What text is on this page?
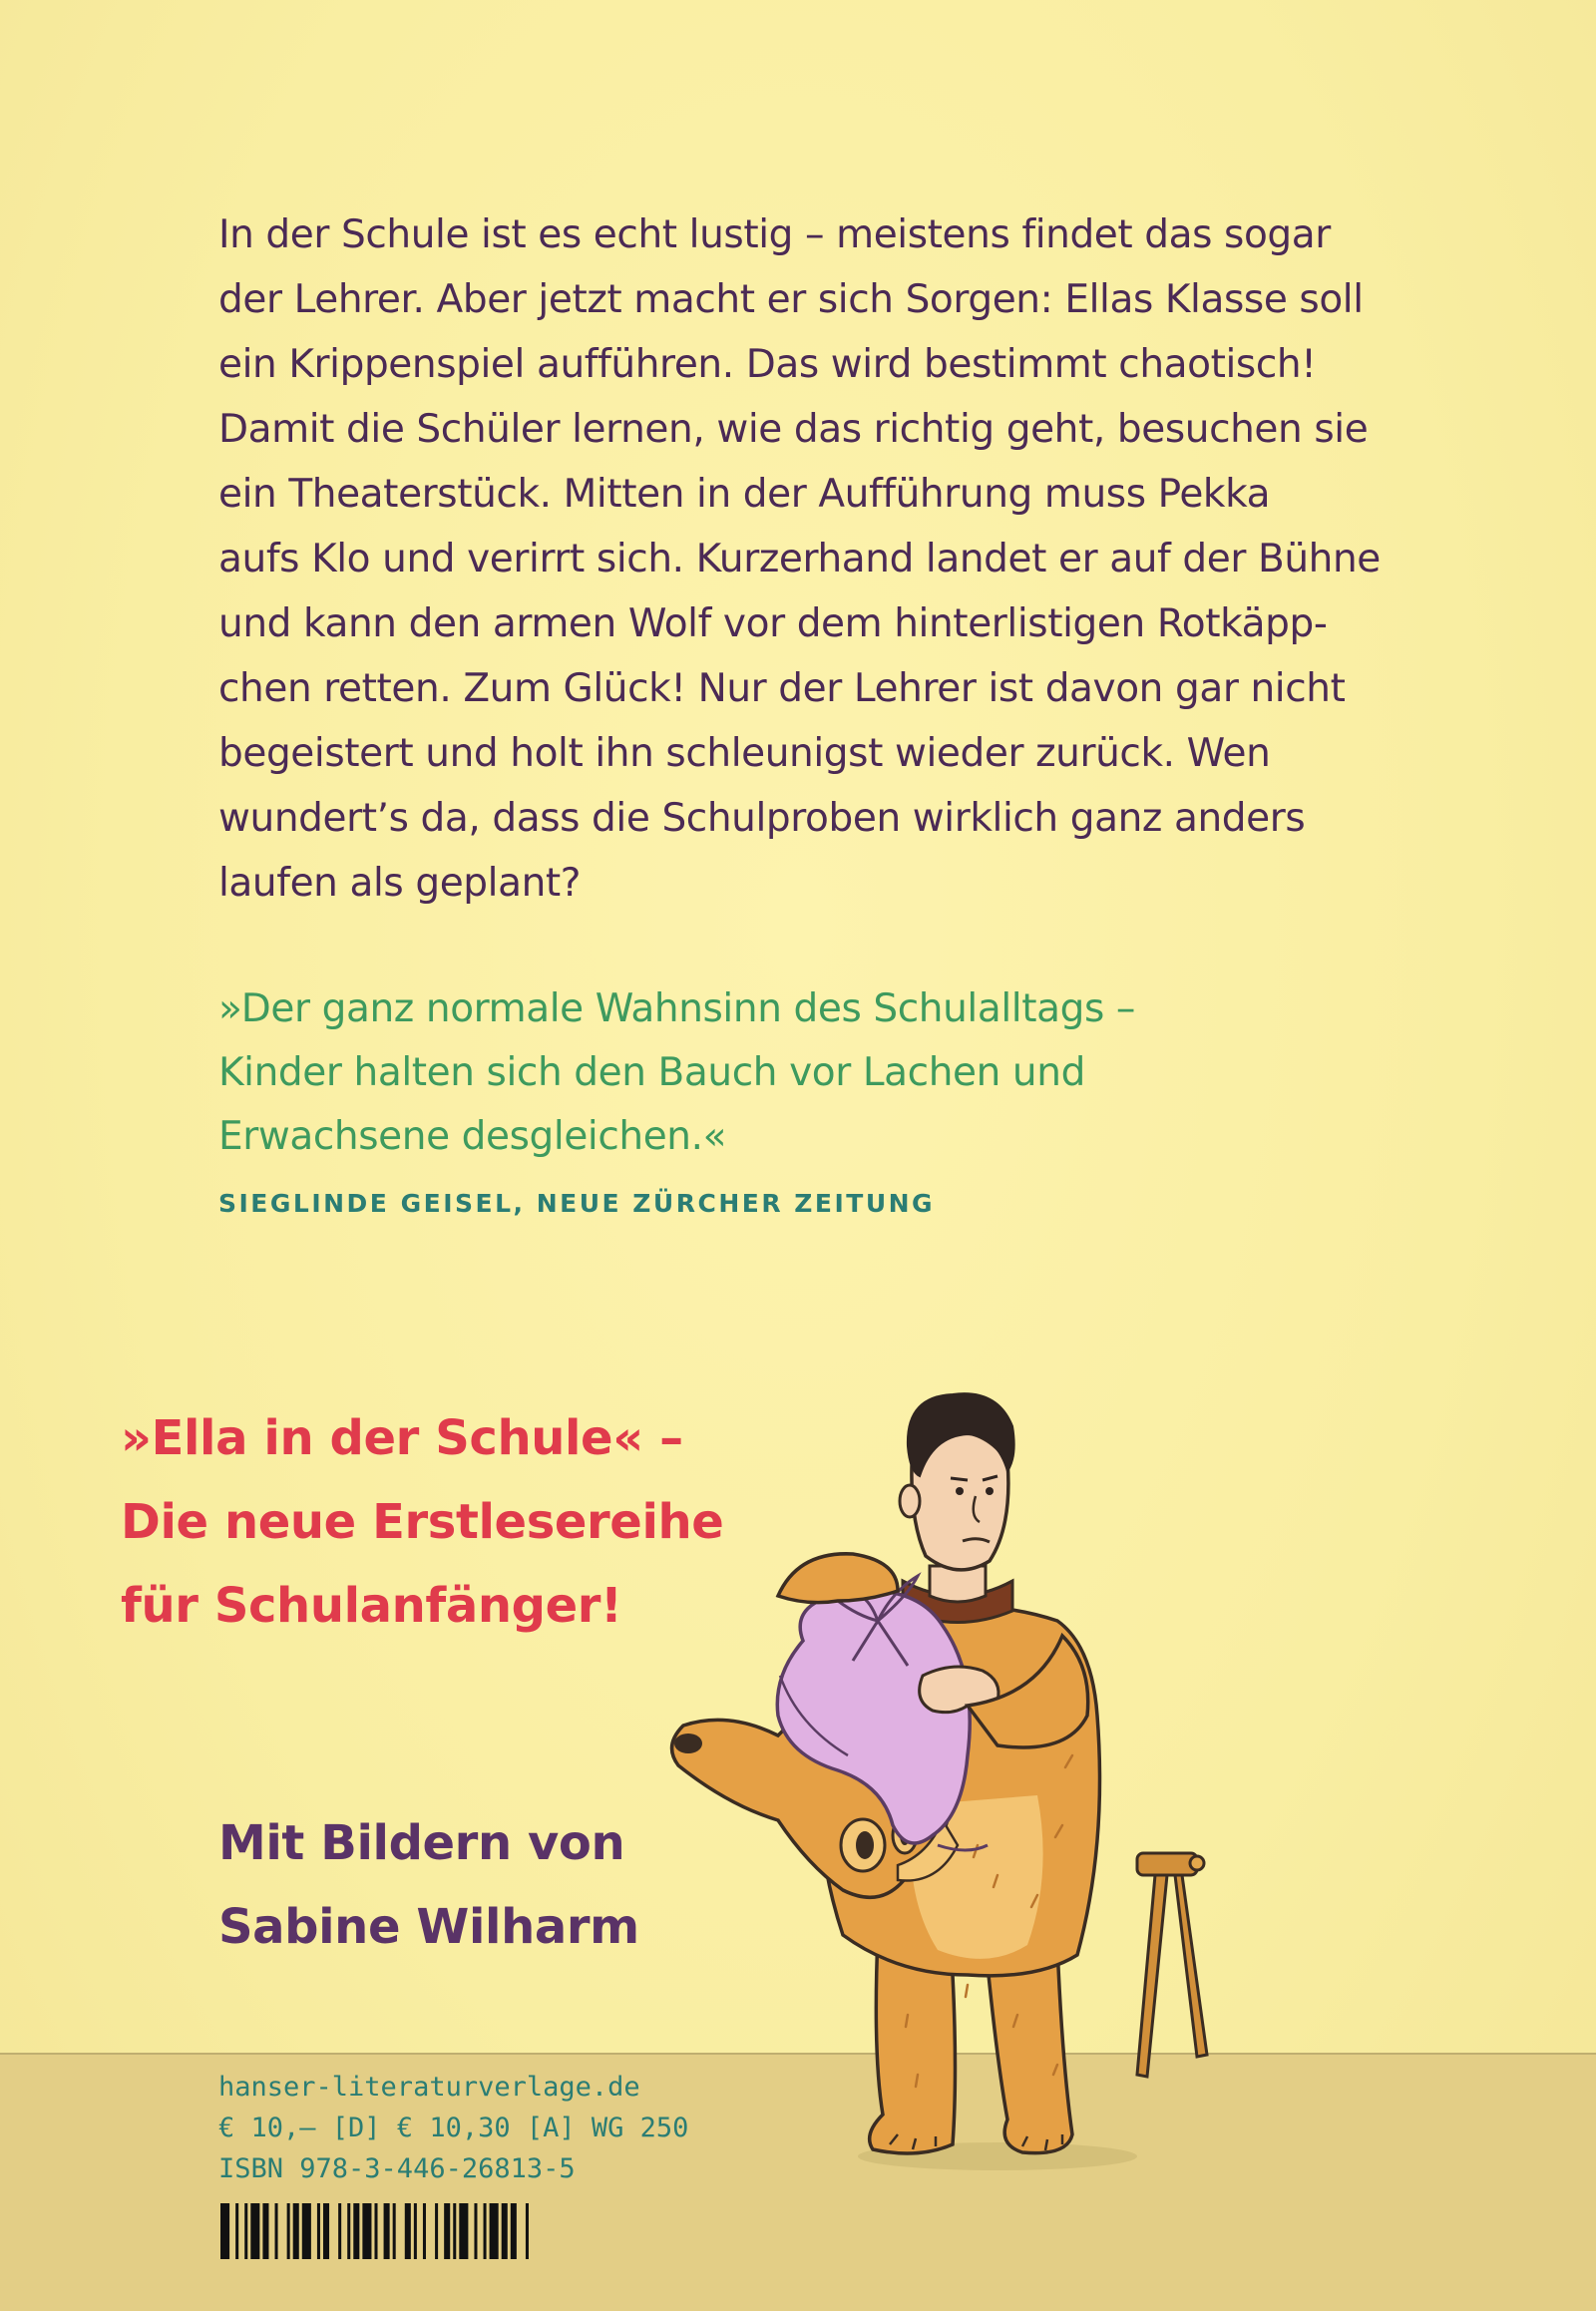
In der Schule ist es echt lustig – meistens findet das sogar
der Lehrer. Aber jetzt macht er sich Sorgen: Ellas Klasse soll
ein Krippenspiel aufführen. Das wird bestimmt chaotisch!
Damit die Schüler lernen, wie das richtig geht, besuchen sie
ein Theaterstück. Mitten in der Aufführung muss Pekka
aufs Klo und verirrt sich. Kurzerhand landet er auf der Bühne
und kann den armen Wolf vor dem hinterlistigen Rotkäpp-
chen retten. Zum Glück! Nur der Lehrer ist davon gar nicht
begeistert und holt ihn schleunigst wieder zurück. Wen
wundert’s da, dass die Schulproben wirklich ganz anders
laufen als geplant?
»Der ganz normale Wahnsinn des Schulalltags –
Kinder halten sich den Bauch vor Lachen und
Erwachsene desgleichen.«
SIEGLINDE GEISEL, NEUE ZÜRCHER ZEITUNG
»Ella in der Schule« –
Die neue Erstlesereihe
für Schulanfänger!
Mit Bildern von
Sabine Wilharm
hanser-literaturverlage.de
€ 10,– [D] € 10,30 [A] WG 250
ISBN 978-3-446-26813-5
